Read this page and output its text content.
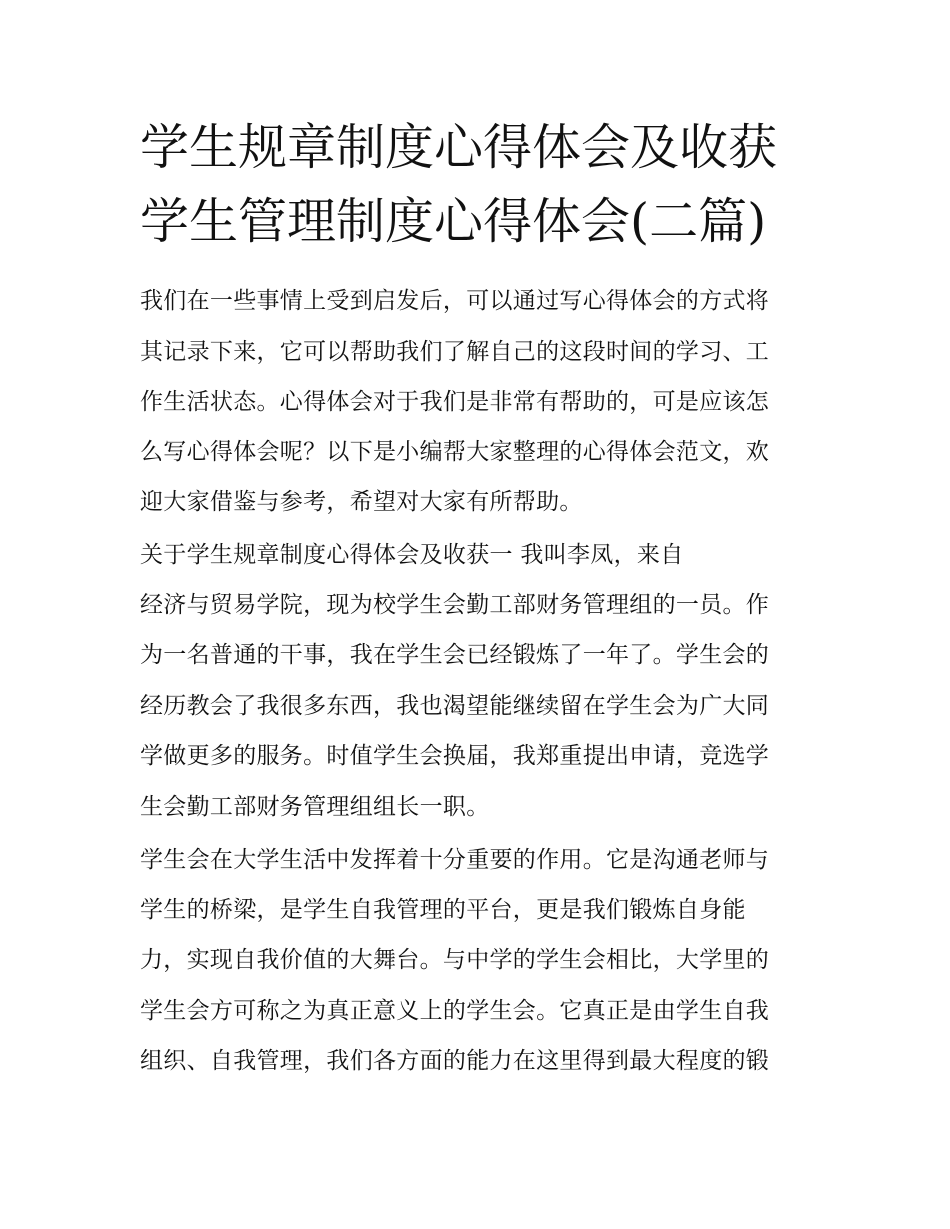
学生规章制度心得体会及收获
学生管理制度心得体会(二篇)

我们在一些事情上受到启发后，可以通过写心得体会的方式将

其记录下来，它可以帮助我们了解自己的这段时间的学习、工

作生活状态。心得体会对于我们是非常有帮助的，可是应该怎

么写心得体会呢？以下是小编帮大家整理的心得体会范文，欢

迎大家借鉴与参考，希望对大家有所帮助。

关于学生规章制度心得体会及收获一 我叫李凤，来自

经济与贸易学院，现为校学生会勤工部财务管理组的一员。作

为一名普通的干事，我在学生会已经锻炼了一年了。学生会的

经历教会了我很多东西，我也渴望能继续留在学生会为广大同

学做更多的服务。时值学生会换届，我郑重提出申请，竞选学

生会勤工部财务管理组组长一职。

学生会在大学生活中发挥着十分重要的作用。它是沟通老师与

学生的桥梁，是学生自我管理的平台，更是我们锻炼自身能

力，实现自我价值的大舞台。与中学的学生会相比，大学里的

学生会方可称之为真正意义上的学生会。它真正是由学生自我

组织、自我管理，我们各方面的能力在这里得到最大程度的锻
